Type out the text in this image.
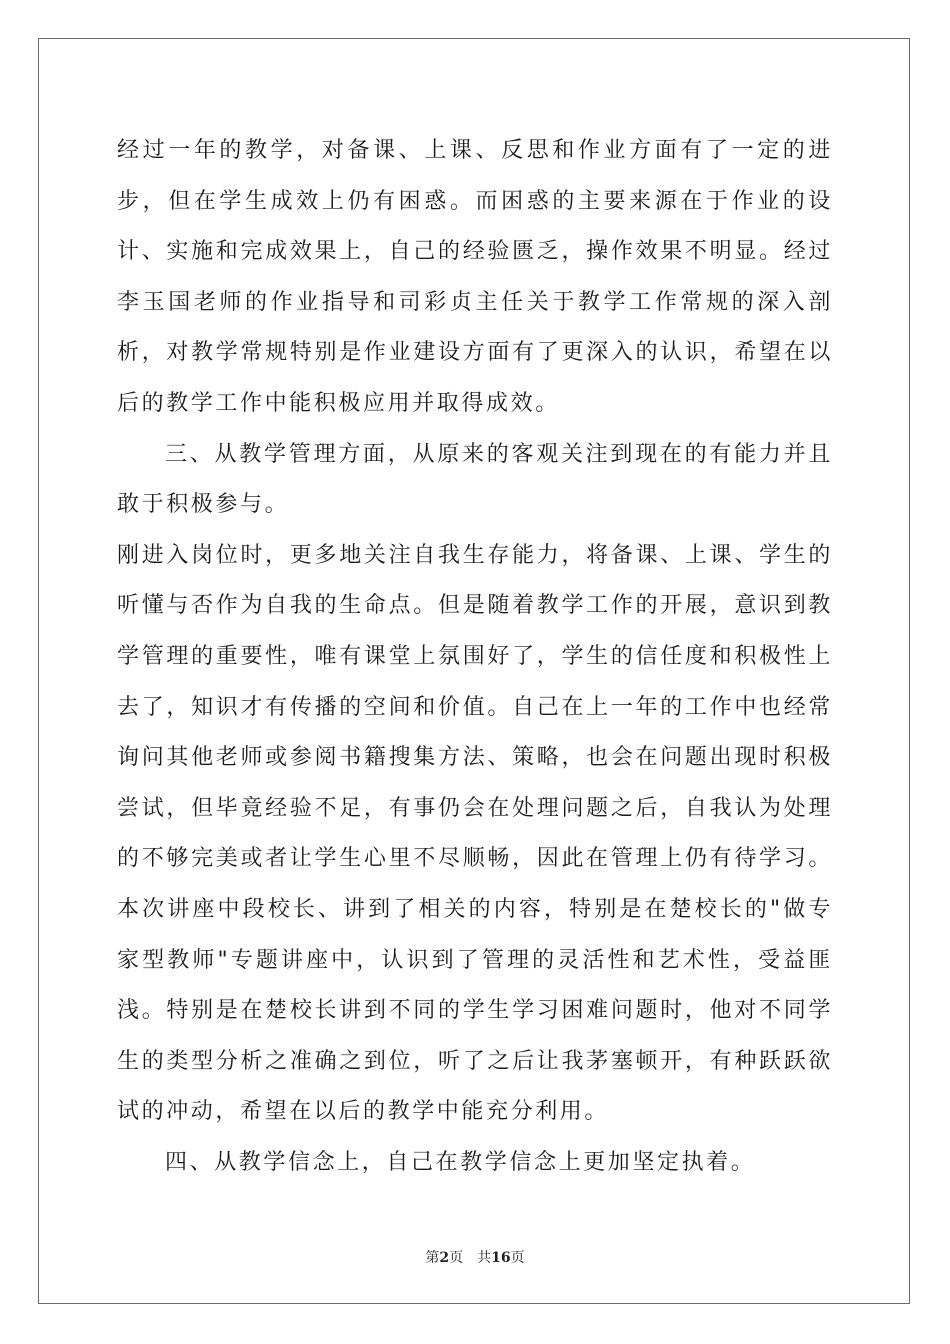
经过一年的教学，对备课、上课、反思和作业方面有了一定的进步，但在学生成效上仍有困惑。而困惑的主要来源在于作业的设计、实施和完成效果上，自己的经验匮乏，操作效果不明显。经过李玉国老师的作业指导和司彩贞主任关于教学工作常规的深入剖析，对教学常规特别是作业建设方面有了更深入的认识，希望在以后的教学工作中能积极应用并取得成效。

三、从教学管理方面，从原来的客观关注到现在的有能力并且敢于积极参与。

刚进入岗位时，更多地关注自我生存能力，将备课、上课、学生的听懂与否作为自我的生命点。但是随着教学工作的开展，意识到教学管理的重要性，唯有课堂上氛围好了，学生的信任度和积极性上去了，知识才有传播的空间和价值。自己在上一年的工作中也经常询问其他老师或参阅书籍搜集方法、策略，也会在问题出现时积极尝试，但毕竟经验不足，有事仍会在处理问题之后，自我认为处理的不够完美或者让学生心里不尽顺畅，因此在管理上仍有待学习。本次讲座中段校长、讲到了相关的内容，特别是在楚校长的"做专家型教师"专题讲座中，认识到了管理的灵活性和艺术性，受益匪浅。特别是在楚校长讲到不同的学生学习困难问题时，他对不同学生的类型分析之准确之到位，听了之后让我茅塞顿开，有种跃跃欲试的冲动，希望在以后的教学中能充分利用。

四、从教学信念上，自己在教学信念上更加坚定执着。

第2页 共16页
